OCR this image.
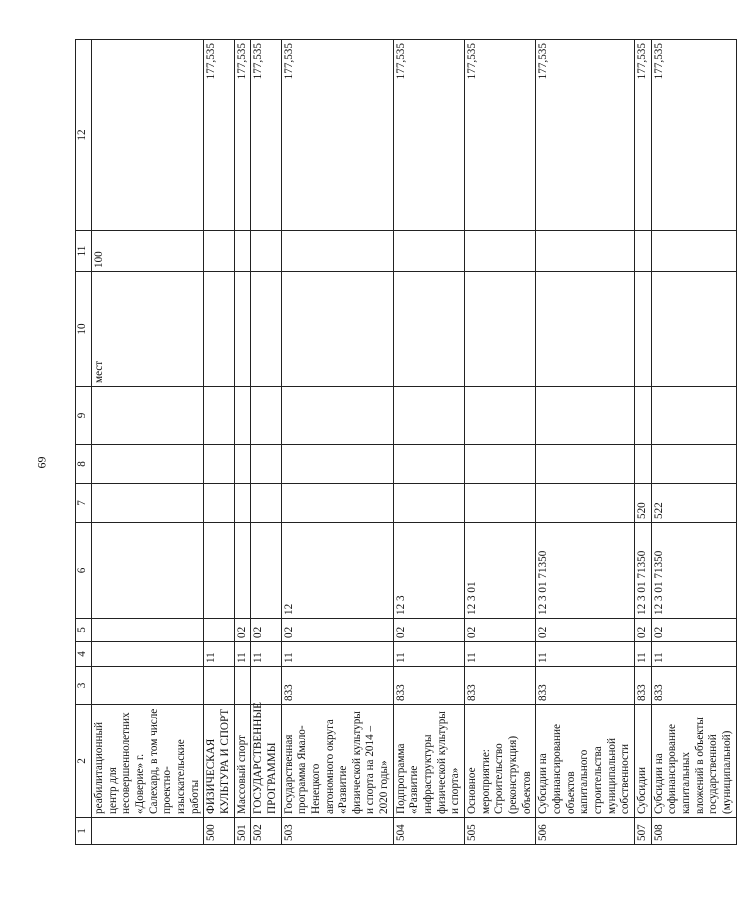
69
1	2	3	4	5	6	7	8	9	10	11	12
	реабилитационный центр для несовершеннолетних «Доверие» г. Салехард, в том числе проектно-изыскательские работы								мест	100	
500	ФИЗИЧЕСКАЯ КУЛЬТУРА И СПОРТ		11								177,535
501	Массовый спорт		11	02							177,535
502	ГОСУДАРСТВЕННЫЕ ПРОГРАММЫ		11	02							177,535
503	Государственная программа Ямало-Ненецкого автономного округа «Развитие физической культуры и спорта на 2014 – 2020 годы»	833	11	02	12						177,535
504	Подпрограмма «Развитие инфраструктуры физической культуры и спорта»	833	11	02	12 3						177,535
505	Основное мероприятие: Строительство (реконструкция) объектов	833	11	02	12 3 01						177,535
506	Субсидии на софинансирование объектов капитального строительства муниципальной собственности	833	11	02	12 3 01 71350						177,535
507	Субсидии	833	11	02	12 3 01 71350	520					177,535
508	Субсидии на софинансирование капитальных вложений в объекты государственной (муниципальной)	833	11	02	12 3 01 71350	522					177,535
